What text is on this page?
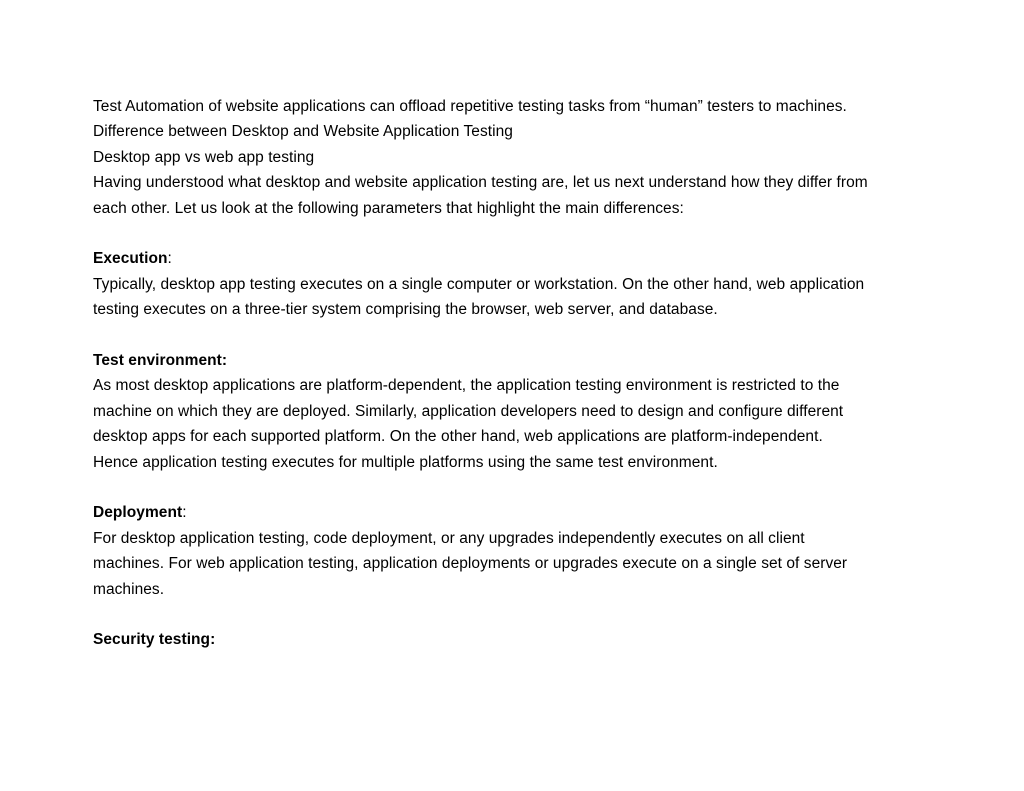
Test Automation of website applications can offload repetitive testing tasks from “human” testers to machines.
Difference between Desktop and Website Application Testing
Desktop app vs web app testing
Having understood what desktop and website application testing are, let us next understand how they differ from
each other. Let us look at the following parameters that highlight the main differences:
Execution:
Typically, desktop app testing executes on a single computer or workstation. On the other hand, web application
testing executes on a three-tier system comprising the browser, web server, and database.
Test environment:
As most desktop applications are platform-dependent, the application testing environment is restricted to the
machine on which they are deployed. Similarly, application developers need to design and configure different
desktop apps for each supported platform. On the other hand, web applications are platform-independent.
Hence application testing executes for multiple platforms using the same test environment.
Deployment:
For desktop application testing, code deployment, or any upgrades independently executes on all client
machines. For web application testing, application deployments or upgrades execute on a single set of server
machines.
Security testing:
